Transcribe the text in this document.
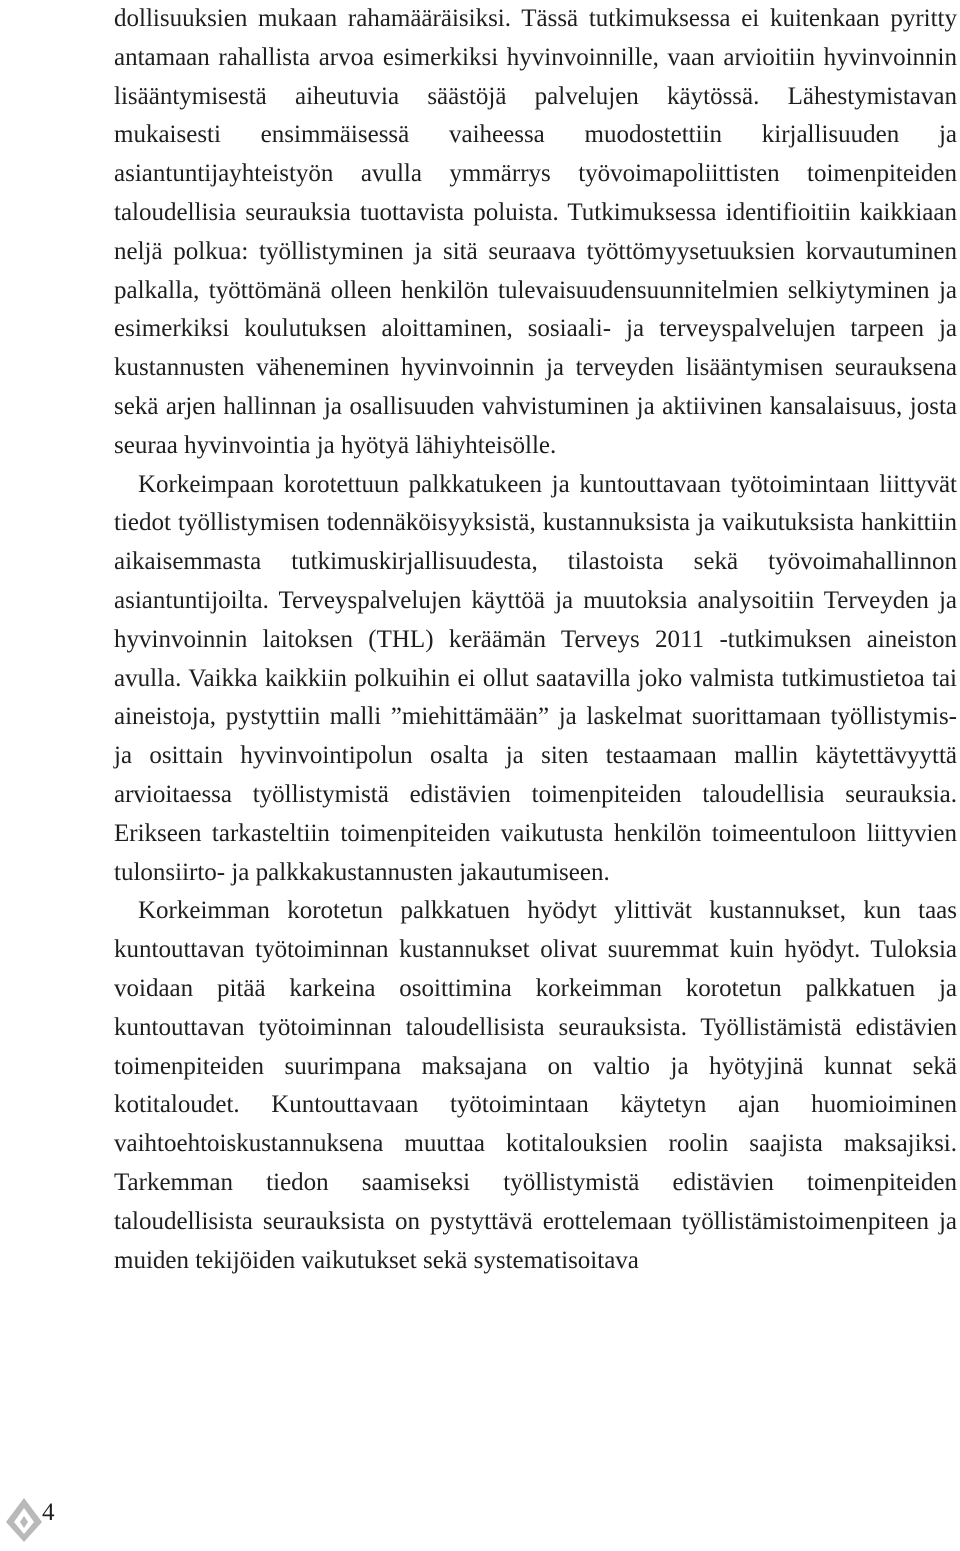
dollisuuksien mukaan rahamääräisiksi. Tässä tutkimuksessa ei kuitenkaan pyritty antamaan rahallista arvoa esimerkiksi hyvinvoinnille, vaan arvioitiin hyvinvoinnin lisääntymisestä aiheutuvia säästöjä palvelujen käytössä. Lähestymistavan mukaisesti ensimmäisessä vaiheessa muodostettiin kirjallisuuden ja asiantuntijayhteistyön avulla ymmärrys työvoimapoliittisten toimenpiteiden taloudellisia seurauksia tuottavista poluista. Tutkimuksessa identifioitiin kaikkiaan neljä polkua: työllistyminen ja sitä seuraava työttömyysetuuksien korvautuminen palkalla, työttömänä olleen henkilön tulevaisuudensuunnitelmien selkiytyminen ja esimerkiksi koulutuksen aloittaminen, sosiaali- ja terveyspalvelujen tarpeen ja kustannusten väheneminen hyvinvoinnin ja terveyden lisääntymisen seurauksena sekä arjen hallinnan ja osallisuuden vahvistuminen ja aktiivinen kansalaisuus, josta seuraa hyvinvointia ja hyötyä lähiyhteisölle.

Korkeimpaan korotettuun palkkatukeen ja kuntouttavaan työtoimintaan liittyvät tiedot työllistymisen todennäköisyyksistä, kustannuksista ja vaikutuksista hankittiin aikaisemmasta tutkimuskirjallisuudesta, tilastoista sekä työvoimahallinnon asiantuntijoilta. Terveyspalvelujen käyttöä ja muutoksia analysoitiin Terveyden ja hyvinvoinnin laitoksen (THL) keräämän Terveys 2011 -tutkimuksen aineiston avulla. Vaikka kaikkiin polkuihin ei ollut saatavilla joko valmista tutkimustietoa tai aineistoja, pystyttiin malli ”miehittämään” ja laskelmat suorittamaan työllistymis- ja osittain hyvinvointipolun osalta ja siten testaamaan mallin käytettävyyttä arvioitaessa työllistymistä edistävien toimenpiteiden taloudellisia seurauksia. Erikseen tarkasteltiin toimenpiteiden vaikutusta henkilön toimeentuloon liittyvien tulonsiirto- ja palkkakustannusten jakautumiseen.

Korkeimman korotetun palkkatuen hyödyt ylittivät kustannukset, kun taas kuntouttavan työtoiminnan kustannukset olivat suuremmat kuin hyödyt. Tuloksia voidaan pitää karkeina osoittimina korkeimman korotetun palkkatuen ja kuntouttavan työtoiminnan taloudellisista seurauksista. Työllistämistä edistävien toimenpiteiden suurimpana maksajana on valtio ja hyötyjinä kunnat sekä kotitaloudet. Kuntouttavaan työtoimintaan käytetyn ajan huomioiminen vaihtoehtoiskustannuksena muuttaa kotitalouksien roolin saajista maksajiksi. Tarkemman tiedon saamiseksi työllistymistä edistävien toimenpiteiden taloudellisista seurauksista on pystyttävä erottelemaan työllistämistoimenpiteen ja muiden tekijöiden vaikutukset sekä systematisoitava

4
